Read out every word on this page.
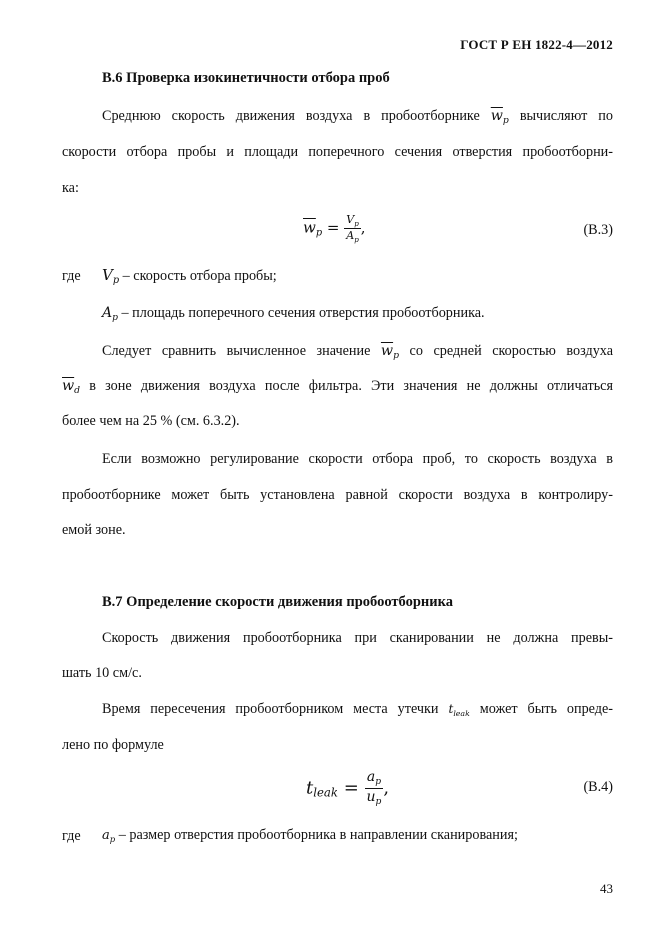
ГОСТ Р ЕН 1822-4—2012
В.6 Проверка изокинетичности отбора проб
Среднюю скорость движения воздуха в пробоотборнике $\overline{w}_p$ вычисляют по
скорости отбора пробы и площади поперечного сечения отверстия пробоотборни-
ка:
$\overline{w}_p = \frac{V_p}{A_p}$ ,	(В.3)
где $V_p$ – скорость отбора пробы;
$A_p$ – площадь поперечного сечения отверстия пробоотборника.
Следует сравнить вычисленное значение $\overline{w}_p$ со средней скоростью воздуха
$\overline{w}_d$ в зоне движения воздуха после фильтра. Эти значения не должны отличаться
более чем на 25 % (см. 6.3.2).
Если возможно регулирование скорости отбора проб, то скорость воздуха в
пробоотборнике может быть установлена равной скорости воздуха в контролиру-
емой зоне.
В.7 Определение скорости движения пробоотборника
Скорость движения пробоотборника при сканировании не должна превы-
шать 10 см/с.
Время пересечения пробоотборником места утечки $t_{leak}$ может быть опреде-
лено по формуле
$t_{leak} = \frac{a_p}{u_p}$ ,	(В.4)
где $a_p$ – размер отверстия пробоотборника в направлении сканирования;
43
